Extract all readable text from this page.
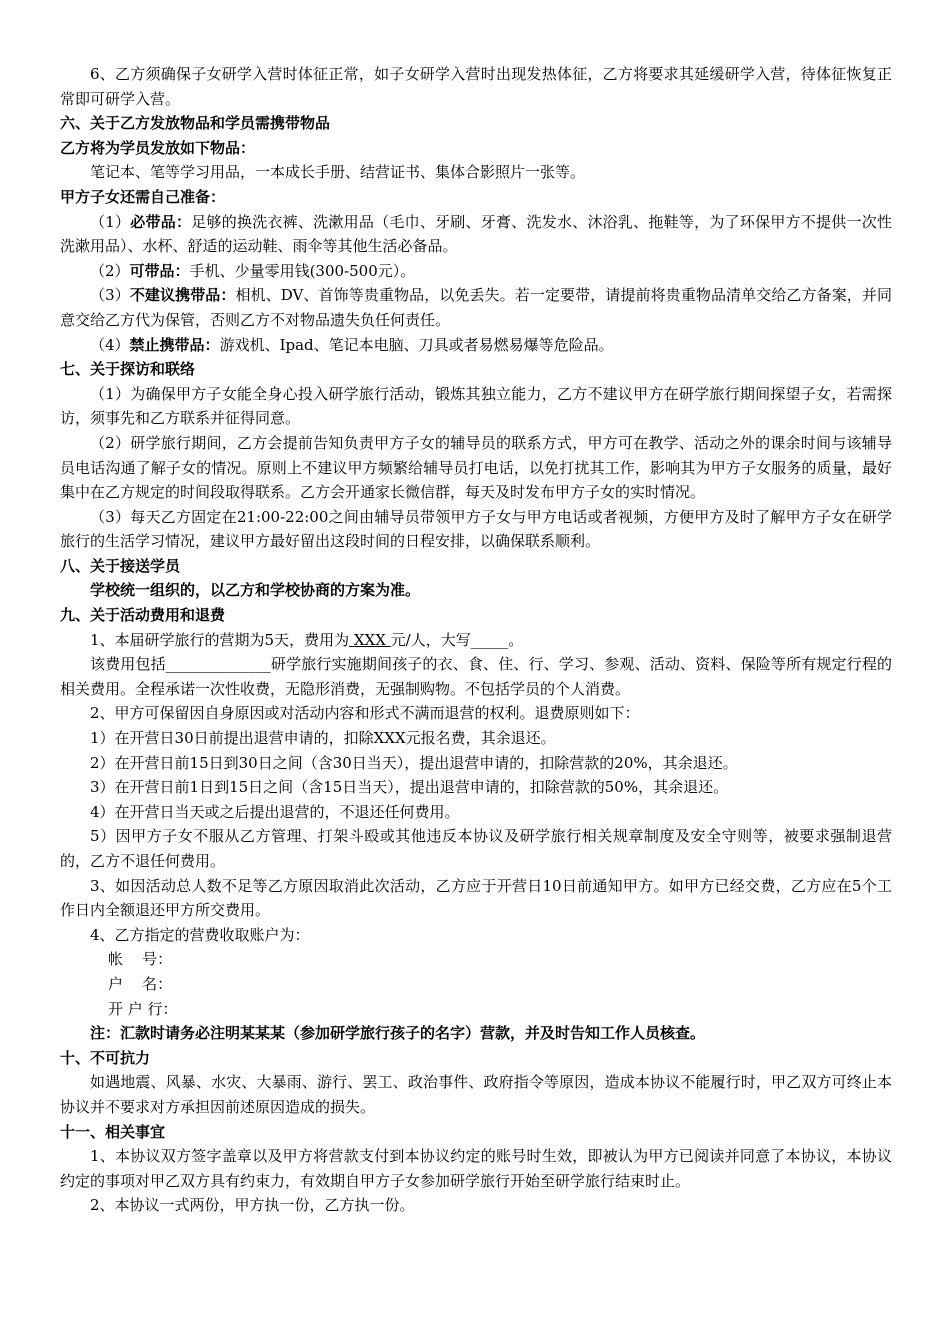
6、乙方须确保子女研学入营时体征正常，如子女研学入营时出现发热体征，乙方将要求其延缓研学入营，待体征恢复正常即可研学入营。

六、关于乙方发放物品和学员需携带物品

乙方将为学员发放如下物品：

笔记本、笔等学习用品，一本成长手册、结营证书、集体合影照片一张等。

甲方子女还需自己准备：

（1）必带品：足够的换洗衣裤、洗漱用品（毛巾、牙刷、牙膏、洗发水、沐浴乳、拖鞋等，为了环保甲方不提供一次性洗漱用品）、水杯、舒适的运动鞋、雨伞等其他生活必备品。

（2）可带品：手机、少量零用钱(300-500元）。

（3）不建议携带品：相机、DV、首饰等贵重物品，以免丢失。若一定要带，请提前将贵重物品清单交给乙方备案，并同意交给乙方代为保管，否则乙方不对物品遗失负任何责任。

（4）禁止携带品：游戏机、Ipad、笔记本电脑、刀具或者易燃易爆等危险品。

七、关于探访和联络

（1）为确保甲方子女能全身心投入研学旅行活动，锻炼其独立能力，乙方不建议甲方在研学旅行期间探望子女，若需探访，须事先和乙方联系并征得同意。

（2）研学旅行期间，乙方会提前告知负责甲方子女的辅导员的联系方式，甲方可在教学、活动之外的课余时间与该辅导员电话沟通了解子女的情况。原则上不建议甲方频繁给辅导员打电话，以免打扰其工作，影响其为甲方子女服务的质量，最好集中在乙方规定的时间段取得联系。乙方会开通家长微信群，每天及时发布甲方子女的实时情况。

（3）每天乙方固定在21:00-22:00之间由辅导员带领甲方子女与甲方电话或者视频，方便甲方及时了解甲方子女在研学旅行的生活学习情况，建议甲方最好留出这段时间的日程安排，以确保联系顺利。

八、关于接送学员

学校统一组织的，以乙方和学校协商的方案为准。

九、关于活动费用和退费

1、本届研学旅行的营期为5天，费用为 XXX 元/人，大写_____。

该费用包括______________研学旅行实施期间孩子的衣、食、住、行、学习、参观、活动、资料、保险等所有规定行程的相关费用。全程承诺一次性收费，无隐形消费，无强制购物。不包括学员的个人消费。

2、甲方可保留因自身原因或对活动内容和形式不满而退营的权利。退费原则如下：

1）在开营日30日前提出退营申请的，扣除XXX元报名费，其余退还。

2）在开营日前15日到30日之间（含30日当天），提出退营申请的，扣除营款的20%，其余退还。

3）在开营日前1日到15日之间（含15日当天），提出退营申请的，扣除营款的50%，其余退还。

4）在开营日当天或之后提出退营的，不退还任何费用。

5）因甲方子女不服从乙方管理、打架斗殴或其他违反本协议及研学旅行相关规章制度及安全守则等，被要求强制退营的，乙方不退任何费用。

3、如因活动总人数不足等乙方原因取消此次活动，乙方应于开营日10日前通知甲方。如甲方已经交费，乙方应在5个工作日内全额退还甲方所交费用。

4、乙方指定的营费收取账户为：

帐    号：

户    名：

开 户 行：

注：汇款时请务必注明某某某（参加研学旅行孩子的名字）营款，并及时告知工作人员核查。

十、不可抗力

如遇地震、风暴、水灾、大暴雨、游行、罢工、政治事件、政府指令等原因，造成本协议不能履行时，甲乙双方可终止本协议并不要求对方承担因前述原因造成的损失。

十一、相关事宜

1、本协议双方签字盖章以及甲方将营款支付到本协议约定的账号时生效，即被认为甲方已阅读并同意了本协议，本协议约定的事项对甲乙双方具有约束力，有效期自甲方子女参加研学旅行开始至研学旅行结束时止。

2、本协议一式两份，甲方执一份，乙方执一份。
